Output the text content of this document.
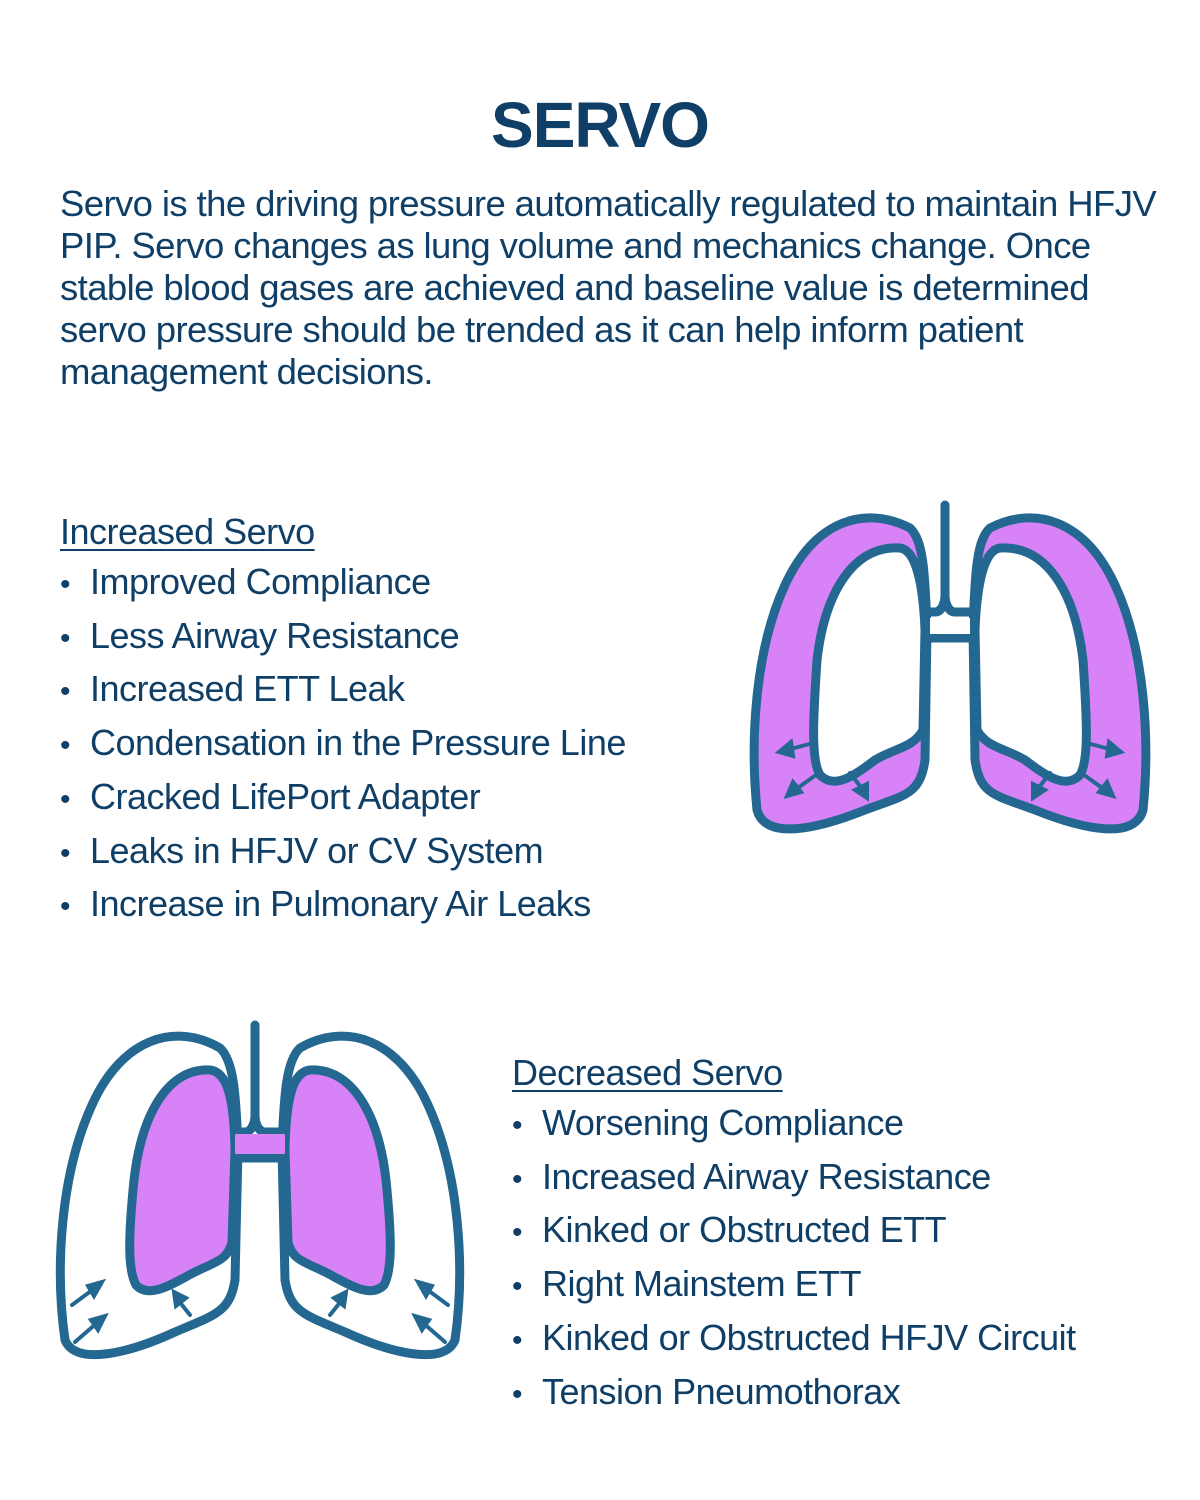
SERVO

Servo is the driving pressure automatically regulated to maintain HFJV PIP. Servo changes as lung volume and mechanics change. Once stable blood gases are achieved and baseline value is determined servo pressure should be trended as it can help inform patient management decisions.

Increased Servo
• Improved Compliance
• Less Airway Resistance
• Increased ETT Leak
• Condensation in the Pressure Line
• Cracked LifePort Adapter
• Leaks in HFJV or CV System
• Increase in Pulmonary Air Leaks
Decreased Servo
• Worsening Compliance
• Increased Airway Resistance
• Kinked or Obstructed ETT
• Right Mainstem ETT
• Kinked or Obstructed HFJV Circuit
• Tension Pneumothorax
